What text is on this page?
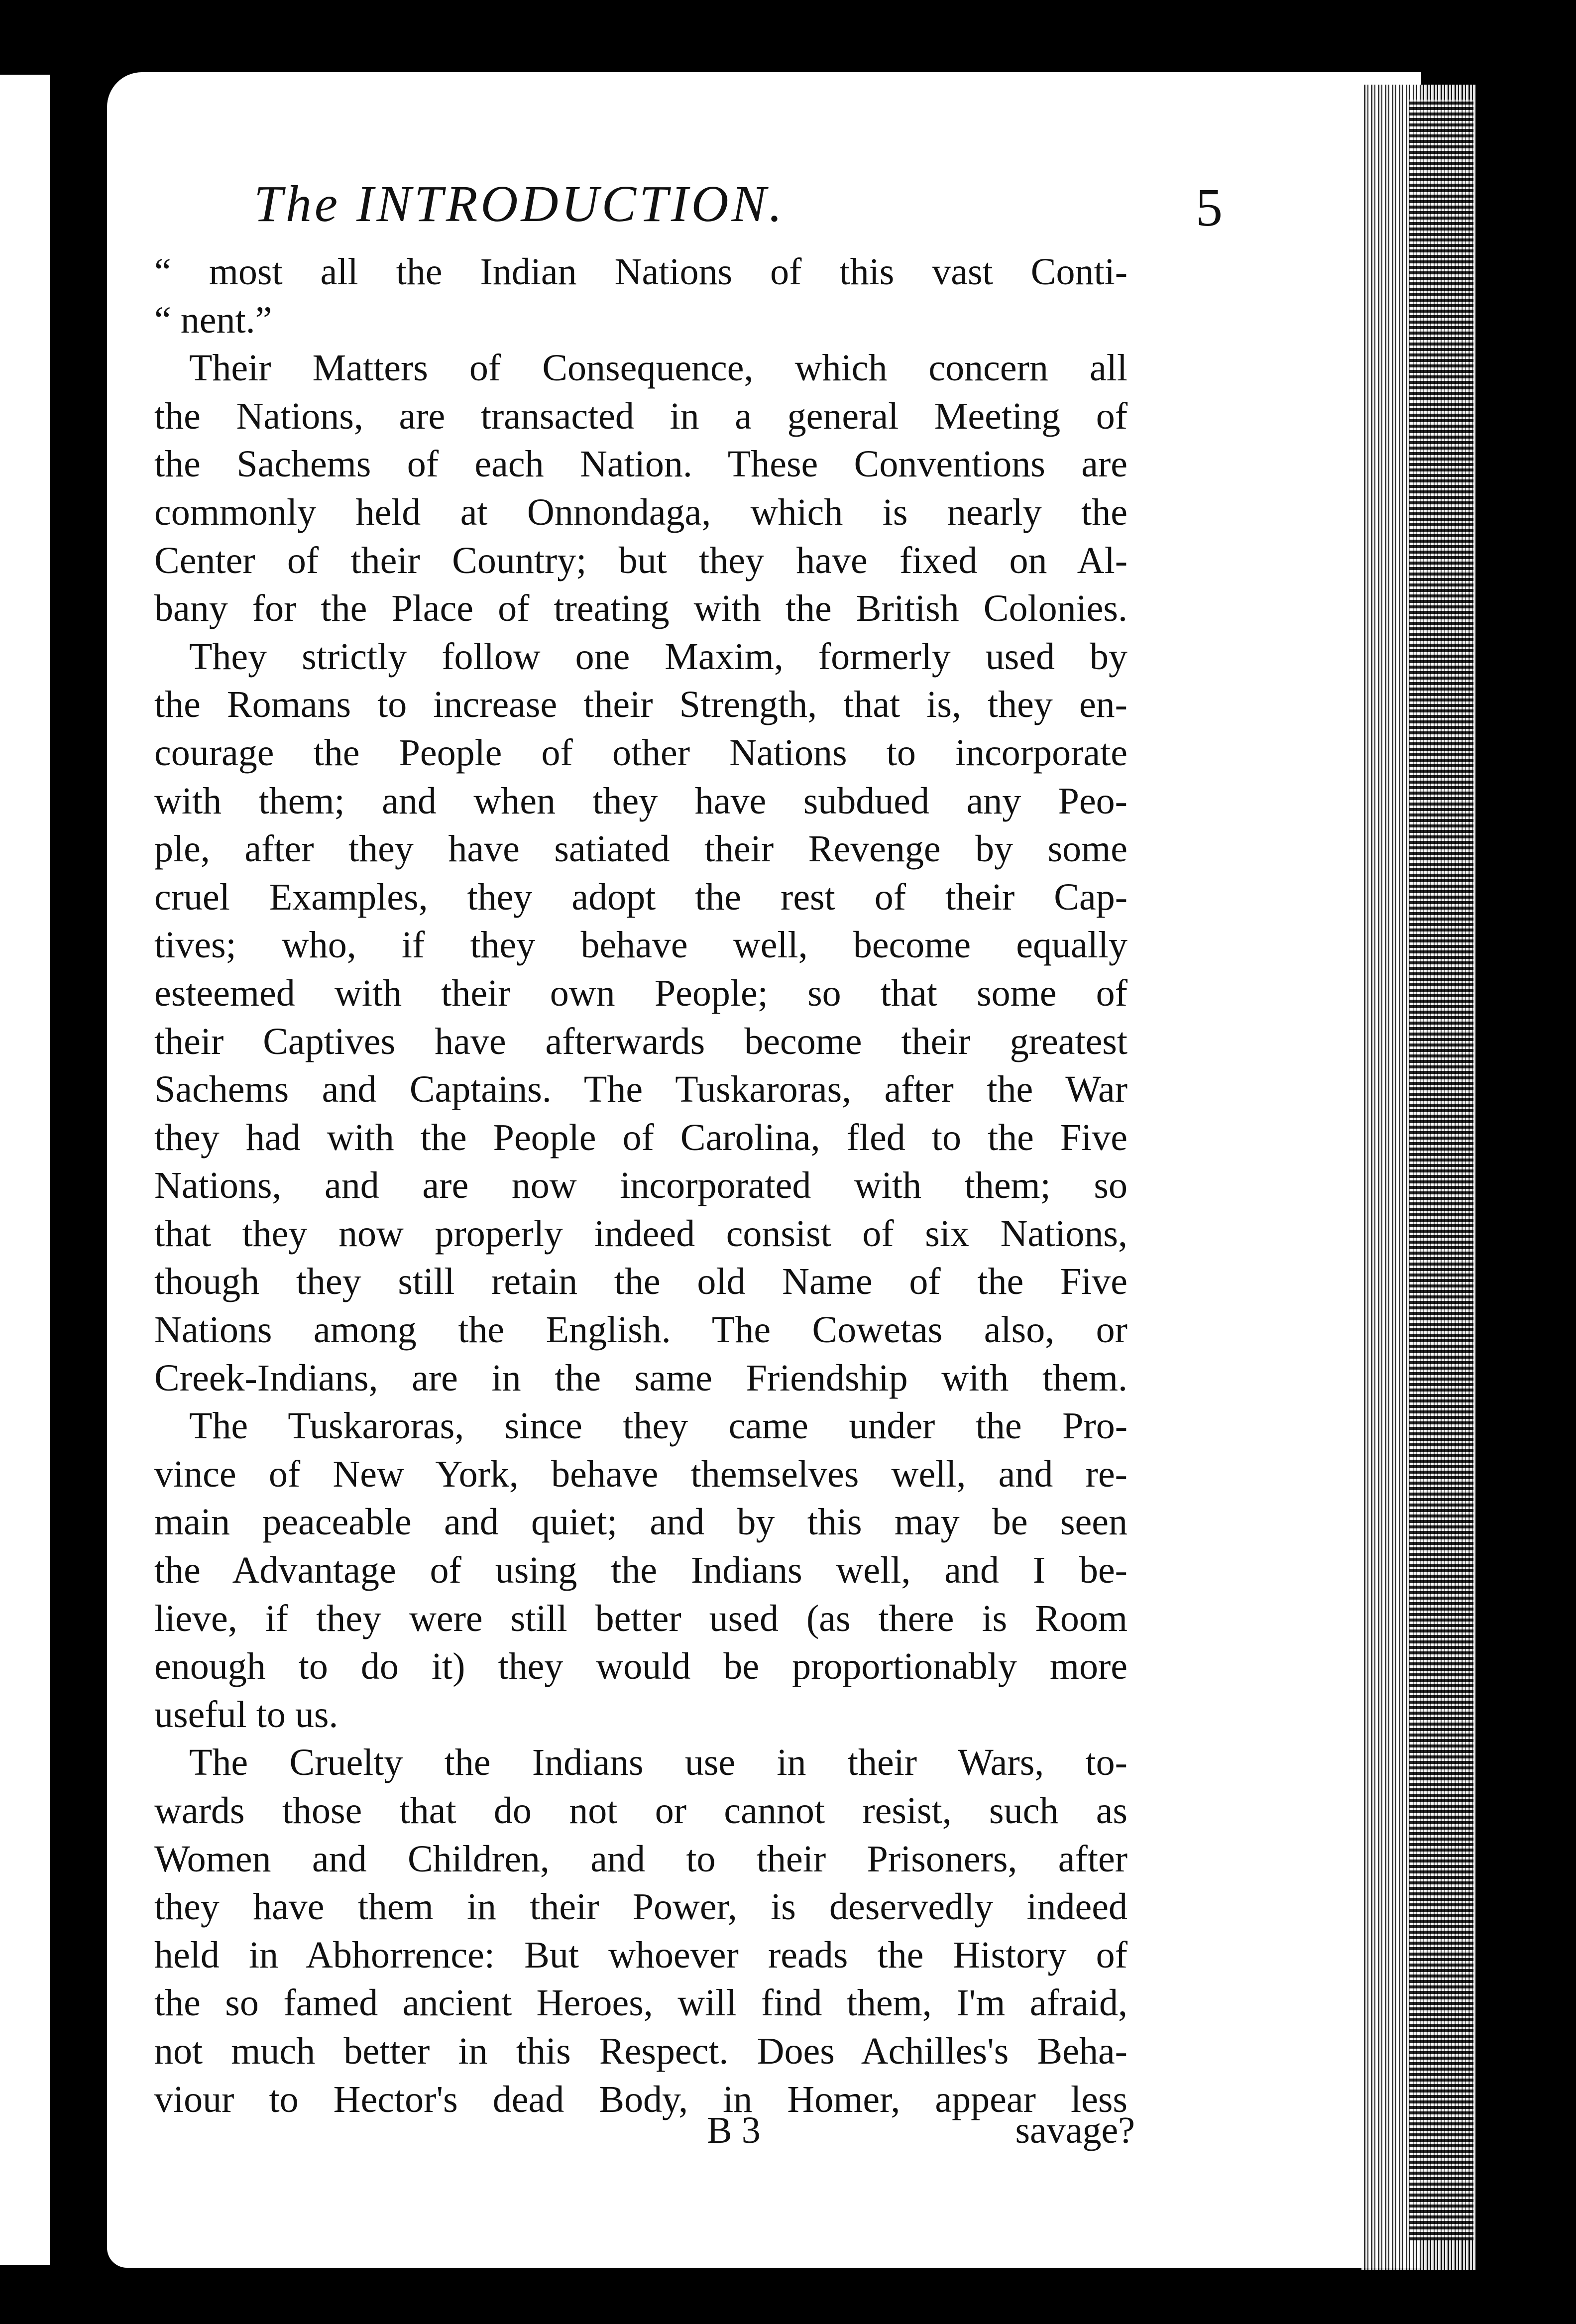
The INTRODUCTION.	5
“ most all the Indian Nations of this vast Conti-
“ nent.”
Their Matters of Consequence, which concern all
the Nations, are transacted in a general Meeting of
the Sachems of each Nation. These Conventions are
commonly held at Onnondaga, which is nearly the
Center of their Country; but they have fixed on Al-
bany for the Place of treating with the British Colonies.
They strictly follow one Maxim, formerly used by
the Romans to increase their Strength, that is, they en-
courage the People of other Nations to incorporate
with them; and when they have subdued any Peo-
ple, after they have satiated their Revenge by some
cruel Examples, they adopt the rest of their Cap-
tives; who, if they behave well, become equally
esteemed with their own People; so that some of
their Captives have afterwards become their greatest
Sachems and Captains. The Tuskaroras, after the War
they had with the People of Carolina, fled to the Five
Nations, and are now incorporated with them; so
that they now properly indeed consist of six Nations,
though they still retain the old Name of the Five
Nations among the English. The Cowetas also, or
Creek-Indians, are in the same Friendship with them.
The Tuskaroras, since they came under the Pro-
vince of New York, behave themselves well, and re-
main peaceable and quiet; and by this may be seen
the Advantage of using the Indians well, and I be-
lieve, if they were still better used (as there is Room
enough to do it) they would be proportionably more
useful to us.
The Cruelty the Indians use in their Wars, to-
wards those that do not or cannot resist, such as
Women and Children, and to their Prisoners, after
they have them in their Power, is deservedly indeed
held in Abhorrence: But whoever reads the History of
the so famed ancient Heroes, will find them, I'm afraid,
not much better in this Respect. Does Achilles's Beha-
viour to Hector's dead Body, in Homer, appear less
B 3	savage?
